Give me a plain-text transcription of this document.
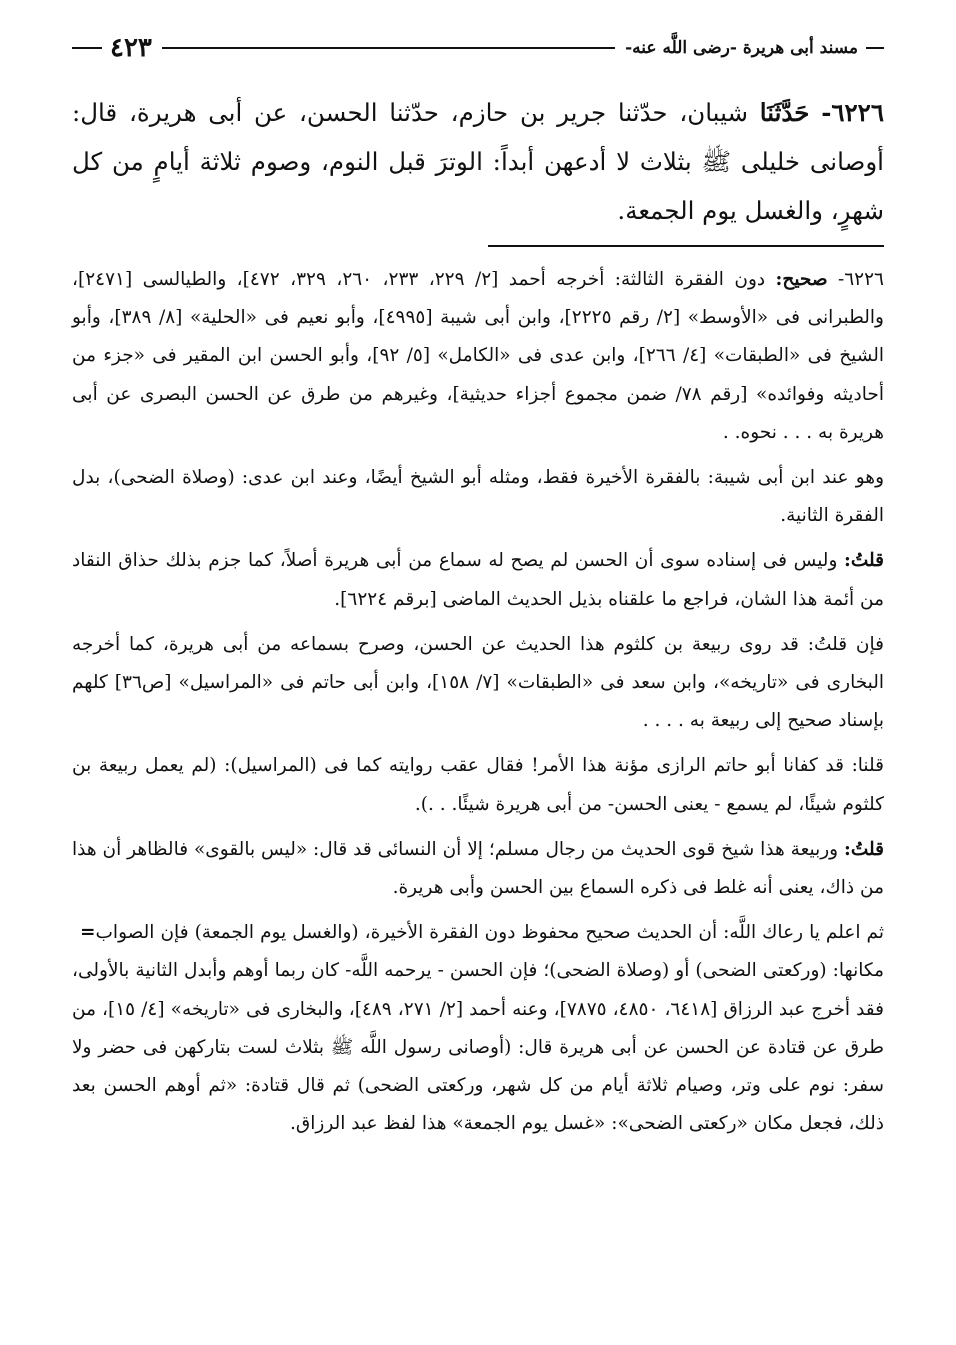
مسند أبى هريرة -رضى اللَّه عنه-
٤٢٣
٦٢٢٦- حَدَّثَنَا شيبان، حدّثنا جرير بن حازم، حدّثنا الحسن، عن أبى هريرة، قال: أوصانى خليلى ﷺ بثلاث لا أدعهن أبداً: الوترَ قبل النوم، وصوم ثلاثة أيامٍ من كل شهرٍ، والغسل يوم الجمعة.

٦٢٢٦- صحيح: دون الفقرة الثالثة: أخرجه أحمد [٢/ ٢٢٩، ٢٣٣، ٢٦٠، ٣٢٩، ٤٧٢]، والطيالسى [٢٤٧١]، والطبرانى فى «الأوسط» [٢/ رقم ٢٢٢٥]، وابن أبى شيبة [٤٩٩٥]، وأبو نعيم فى «الحلية» [٨/ ٣٨٩]، وأبو الشيخ فى «الطبقات» [٤/ ٢٦٦]، وابن عدى فى «الكامل» [٥/ ٩٢]، وأبو الحسن ابن المقير فى «جزء من أحاديثه وفوائده» [رقم ٧٨/ ضمن مجموع أجزاء حديثية]، وغيرهم من طرق عن الحسن البصرى عن أبى هريرة به . . . نحوه. .

وهو عند ابن أبى شيبة: بالفقرة الأخيرة فقط، ومثله أبو الشيخ أيضًا، وعند ابن عدى: (وصلاة الضحى)، بدل الفقرة الثانية.

قلتُ: وليس فى إسناده سوى أن الحسن لم يصح له سماع من أبى هريرة أصلاً، كما جزم بذلك حذاق النقاد من أئمة هذا الشان، فراجع ما علقناه بذيل الحديث الماضى [برقم ٦٢٢٤].

فإن قلتُ: قد روى ربيعة بن كلثوم هذا الحديث عن الحسن، وصرح بسماعه من أبى هريرة، كما أخرجه البخارى فى «تاريخه»، وابن سعد فى «الطبقات» [٧/ ١٥٨]، وابن أبى حاتم فى «المراسيل» [ص٣٦] كلهم بإسناد صحيح إلى ربيعة به . . . .

قلنا: قد كفانا أبو حاتم الرازى مؤنة هذا الأمر! فقال عقب روايته كما فى (المراسيل): (لم يعمل ربيعة بن كلثوم شيئًا، لم يسمع - يعنى الحسن- من أبى هريرة شيئًا. . .).

قلتُ: وربيعة هذا شيخ قوى الحديث من رجال مسلم؛ إلا أن النسائى قد قال: «ليس بالقوى» فالظاهر أن هذا من ذاك، يعنى أنه غلط فى ذكره السماع بين الحسن وأبى هريرة.

= ثم اعلم يا رعاك اللَّه: أن الحديث صحيح محفوظ دون الفقرة الأخيرة، (والغسل يوم الجمعة) فإن الصواب مكانها: (وركعتى الضحى) أو (وصلاة الضحى)؛ فإن الحسن - يرحمه اللَّه- كان ربما أوهم وأبدل الثانية بالأولى، فقد أخرج عبد الرزاق [٦٤١٨، ٤٨٥٠، ٧٨٧٥]، وعنه أحمد [٢/ ٢٧١، ٤٨٩]، والبخارى فى «تاريخه» [٤/ ١٥]، من طرق عن قتادة عن الحسن عن أبى هريرة قال: (أوصانى رسول اللَّه ﷺ بثلاث لست بتاركهن فى حضر ولا سفر: نوم على وتر، وصيام ثلاثة أيام من كل شهر، وركعتى الضحى) ثم قال قتادة: «ثم أوهم الحسن بعد ذلك، فجعل مكان «ركعتى الضحى»: «غسل يوم الجمعة» هذا لفظ عبد الرزاق.
